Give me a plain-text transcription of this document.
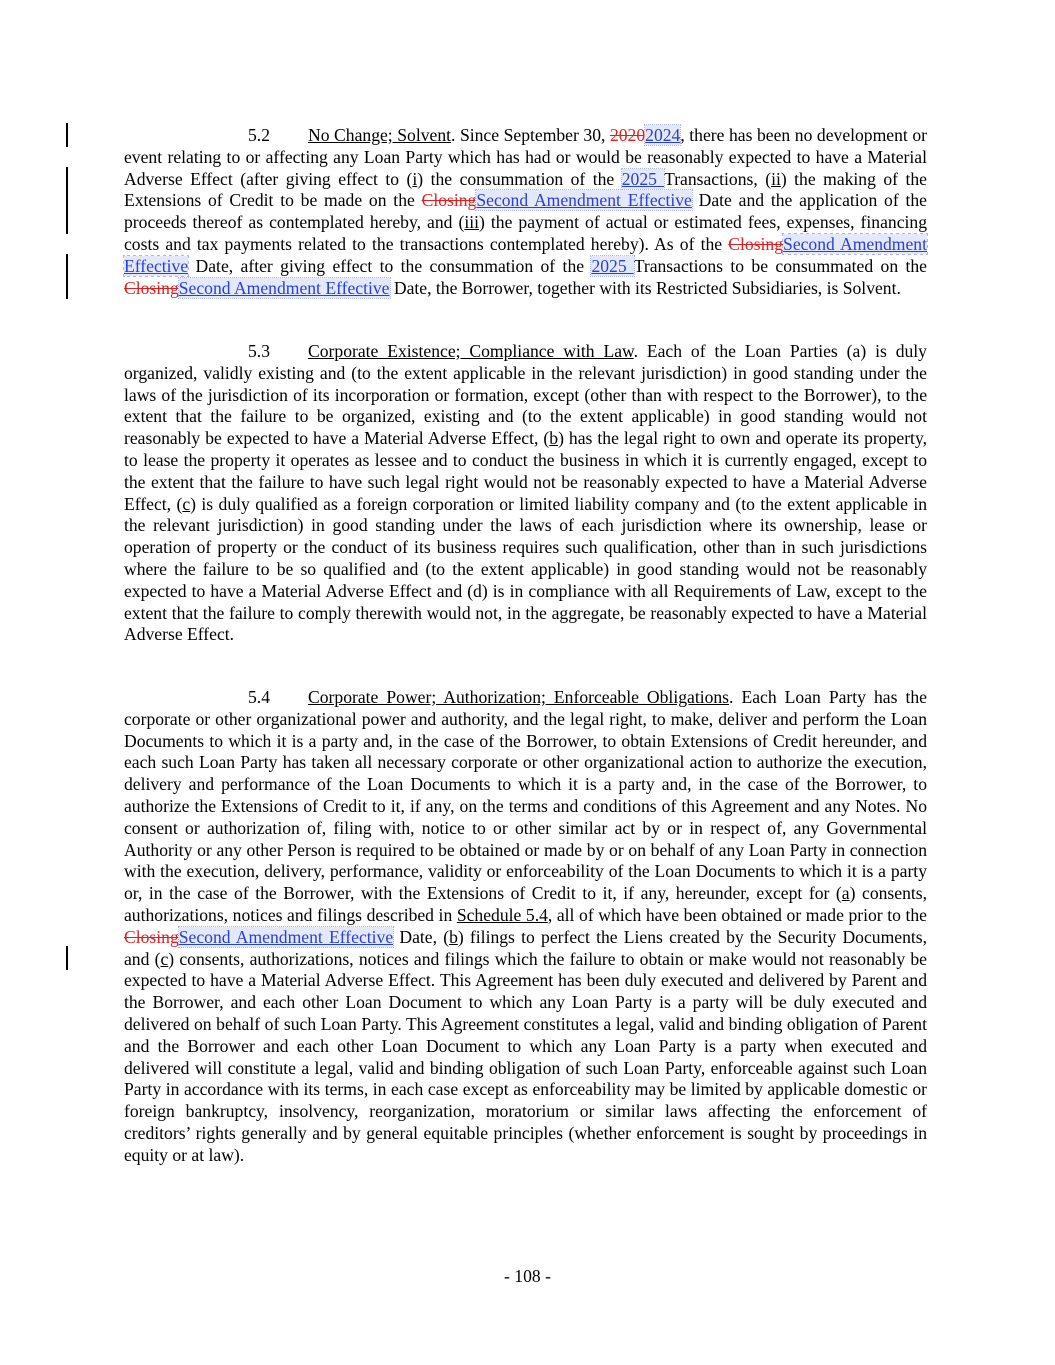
5.2 No Change; Solvent. Since September 30, 20202024, there has been no development or event relating to or affecting any Loan Party which has had or would be reasonably expected to have a Material Adverse Effect (after giving effect to (i) the consummation of the 2025 Transactions, (ii) the making of the Extensions of Credit to be made on the ClosingSecond Amendment Effective Date and the application of the proceeds thereof as contemplated hereby, and (iii) the payment of actual or estimated fees, expenses, financing costs and tax payments related to the transactions contemplated hereby). As of the ClosingSecond Amendment Effective Date, after giving effect to the consummation of the 2025 Transactions to be consummated on the ClosingSecond Amendment Effective Date, the Borrower, together with its Restricted Subsidiaries, is Solvent.
5.3 Corporate Existence; Compliance with Law. Each of the Loan Parties (a) is duly organized, validly existing and (to the extent applicable in the relevant jurisdiction) in good standing under the laws of the jurisdiction of its incorporation or formation, except (other than with respect to the Borrower), to the extent that the failure to be organized, existing and (to the extent applicable) in good standing would not reasonably be expected to have a Material Adverse Effect, (b) has the legal right to own and operate its property, to lease the property it operates as lessee and to conduct the business in which it is currently engaged, except to the extent that the failure to have such legal right would not be reasonably expected to have a Material Adverse Effect, (c) is duly qualified as a foreign corporation or limited liability company and (to the extent applicable in the relevant jurisdiction) in good standing under the laws of each jurisdiction where its ownership, lease or operation of property or the conduct of its business requires such qualification, other than in such jurisdictions where the failure to be so qualified and (to the extent applicable) in good standing would not be reasonably expected to have a Material Adverse Effect and (d) is in compliance with all Requirements of Law, except to the extent that the failure to comply therewith would not, in the aggregate, be reasonably expected to have a Material Adverse Effect.
5.4 Corporate Power; Authorization; Enforceable Obligations. Each Loan Party has the corporate or other organizational power and authority, and the legal right, to make, deliver and perform the Loan Documents to which it is a party and, in the case of the Borrower, to obtain Extensions of Credit hereunder, and each such Loan Party has taken all necessary corporate or other organizational action to authorize the execution, delivery and performance of the Loan Documents to which it is a party and, in the case of the Borrower, to authorize the Extensions of Credit to it, if any, on the terms and conditions of this Agreement and any Notes. No consent or authorization of, filing with, notice to or other similar act by or in respect of, any Governmental Authority or any other Person is required to be obtained or made by or on behalf of any Loan Party in connection with the execution, delivery, performance, validity or enforceability of the Loan Documents to which it is a party or, in the case of the Borrower, with the Extensions of Credit to it, if any, hereunder, except for (a) consents, authorizations, notices and filings described in Schedule 5.4, all of which have been obtained or made prior to the ClosingSecond Amendment Effective Date, (b) filings to perfect the Liens created by the Security Documents, and (c) consents, authorizations, notices and filings which the failure to obtain or make would not reasonably be expected to have a Material Adverse Effect. This Agreement has been duly executed and delivered by Parent and the Borrower, and each other Loan Document to which any Loan Party is a party will be duly executed and delivered on behalf of such Loan Party. This Agreement constitutes a legal, valid and binding obligation of Parent and the Borrower and each other Loan Document to which any Loan Party is a party when executed and delivered will constitute a legal, valid and binding obligation of such Loan Party, enforceable against such Loan Party in accordance with its terms, in each case except as enforceability may be limited by applicable domestic or foreign bankruptcy, insolvency, reorganization, moratorium or similar laws affecting the enforcement of creditors’ rights generally and by general equitable principles (whether enforcement is sought by proceedings in equity or at law).
- 108 -
